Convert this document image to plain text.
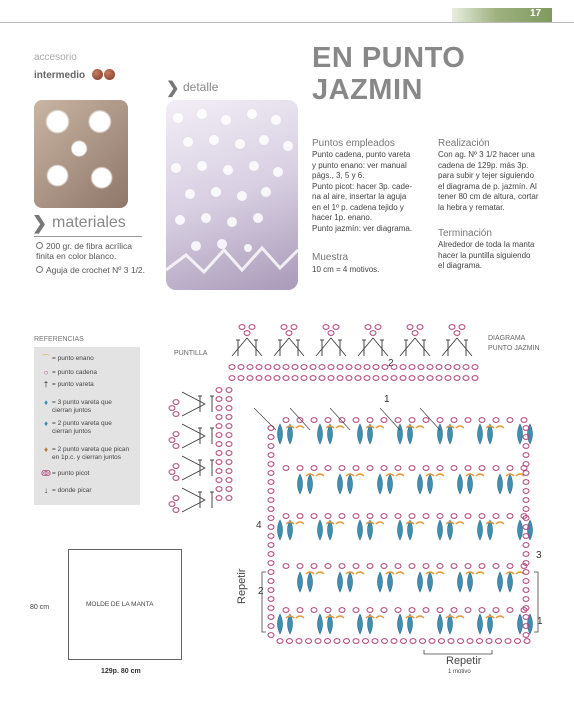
17
accesorio
intermedio
❯ materiales
200 gr. de fibra acrílica finita en color blanco.
Aguja de crochet Nº 3 1/2.
❯ detalle
EN PUNTO
JAZMIN
Puntos empleados
Punto cadena, punto vareta
y punto enano: ver manual
págs., 3, 5 y 6.
Punto picot: hacer 3p. cade-
na al aire, insertar la aguja
en el 1º p. cadena tejido y
hacer 1p. enano.
Punto jazmín: ver diagrama.
Muestra
10 cm = 4 motivos.
Realización
Con ag. Nº 3 1/2 hacer una
cadena de 129p. más 3p.
para subir y tejer siguiendo
el diagrama de p. jazmín. Al
tener 80 cm de altura, cortar
la hebra y rematar.
Terminación
Alrededor de toda la manta
hacer la puntilla siguiendo
el diagrama.
REFERENCIAS
⌒ = punto enano
○ = punto cadena
† = punto vareta
♦ = 3 punto vareta que cierran juntos
♦ = 2 punto vareta que cierran juntos
♦ = 2 punto vareta que pican en 1p.c. y cierran juntos
ↂ= punto picot
↓ = donde picar
MOLDE DE LA MANTA
80 cm
129p. 80 cm
PUNTILLA
DIAGRAMA
PUNTO JAZMIN
Repetir
Repetir
1 motivo
1
2
3
1
4
2
